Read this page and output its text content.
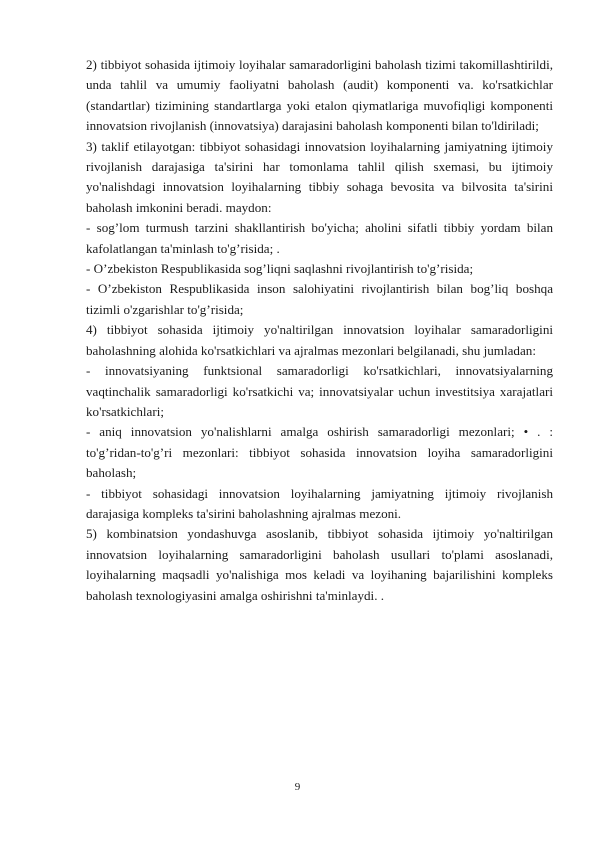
2) tibbiyot sohasida ijtimoiy loyihalar samaradorligini baholash tizimi takomillashtirildi, unda tahlil va umumiy faoliyatni baholash (audit) komponenti va. ko'rsatkichlar (standartlar) tizimining standartlarga yoki etalon qiymatlariga muvofiqligi komponenti innovatsion rivojlanish (innovatsiya) darajasini baholash komponenti bilan to'ldiriladi;

3) taklif etilayotgan: tibbiyot sohasidagi innovatsion loyihalarning jamiyatning ijtimoiy rivojlanish darajasiga ta'sirini har tomonlama tahlil qilish sxemasi, bu ijtimoiy yo'nalishdagi innovatsion loyihalarning tibbiy sohaga bevosita va bilvosita ta'sirini baholash imkonini beradi. maydon:

- sog’lom turmush tarzini shakllantirish bo'yicha; aholini sifatli tibbiy yordam bilan kafolatlangan ta'minlash to'g’risida; .

- O’zbekiston Respublikasida sog’liqni saqlashni rivojlantirish to'g’risida;

- O’zbekiston Respublikasida inson salohiyatini rivojlantirish bilan bog’liq boshqa tizimli o'zgarishlar to'g’risida;

4) tibbiyot sohasida ijtimoiy yo'naltirilgan innovatsion loyihalar samaradorligini baholashning alohida ko'rsatkichlari va ajralmas mezonlari belgilanadi, shu jumladan:

- innovatsiyaning funktsional samaradorligi ko'rsatkichlari, innovatsiyalarning vaqtinchalik samaradorligi ko'rsatkichi va; innovatsiyalar uchun investitsiya xarajatlari ko'rsatkichlari;

- aniq innovatsion yo'nalishlarni amalga oshirish samaradorligi mezonlari; • . : to'g’ridan-to'g’ri mezonlari: tibbiyot sohasida innovatsion loyiha samaradorligini baholash;

- tibbiyot sohasidagi innovatsion loyihalarning jamiyatning ijtimoiy rivojlanish darajasiga kompleks ta'sirini baholashning ajralmas mezoni.

5) kombinatsion yondashuvga asoslanib, tibbiyot sohasida ijtimoiy yo'naltirilgan innovatsion loyihalarning samaradorligini baholash usullari to'plami asoslanadi, loyihalarning maqsadli yo'nalishiga mos keladi va loyihaning bajarilishini kompleks baholash texnologiyasini amalga oshirishni ta'minlaydi. .

9
